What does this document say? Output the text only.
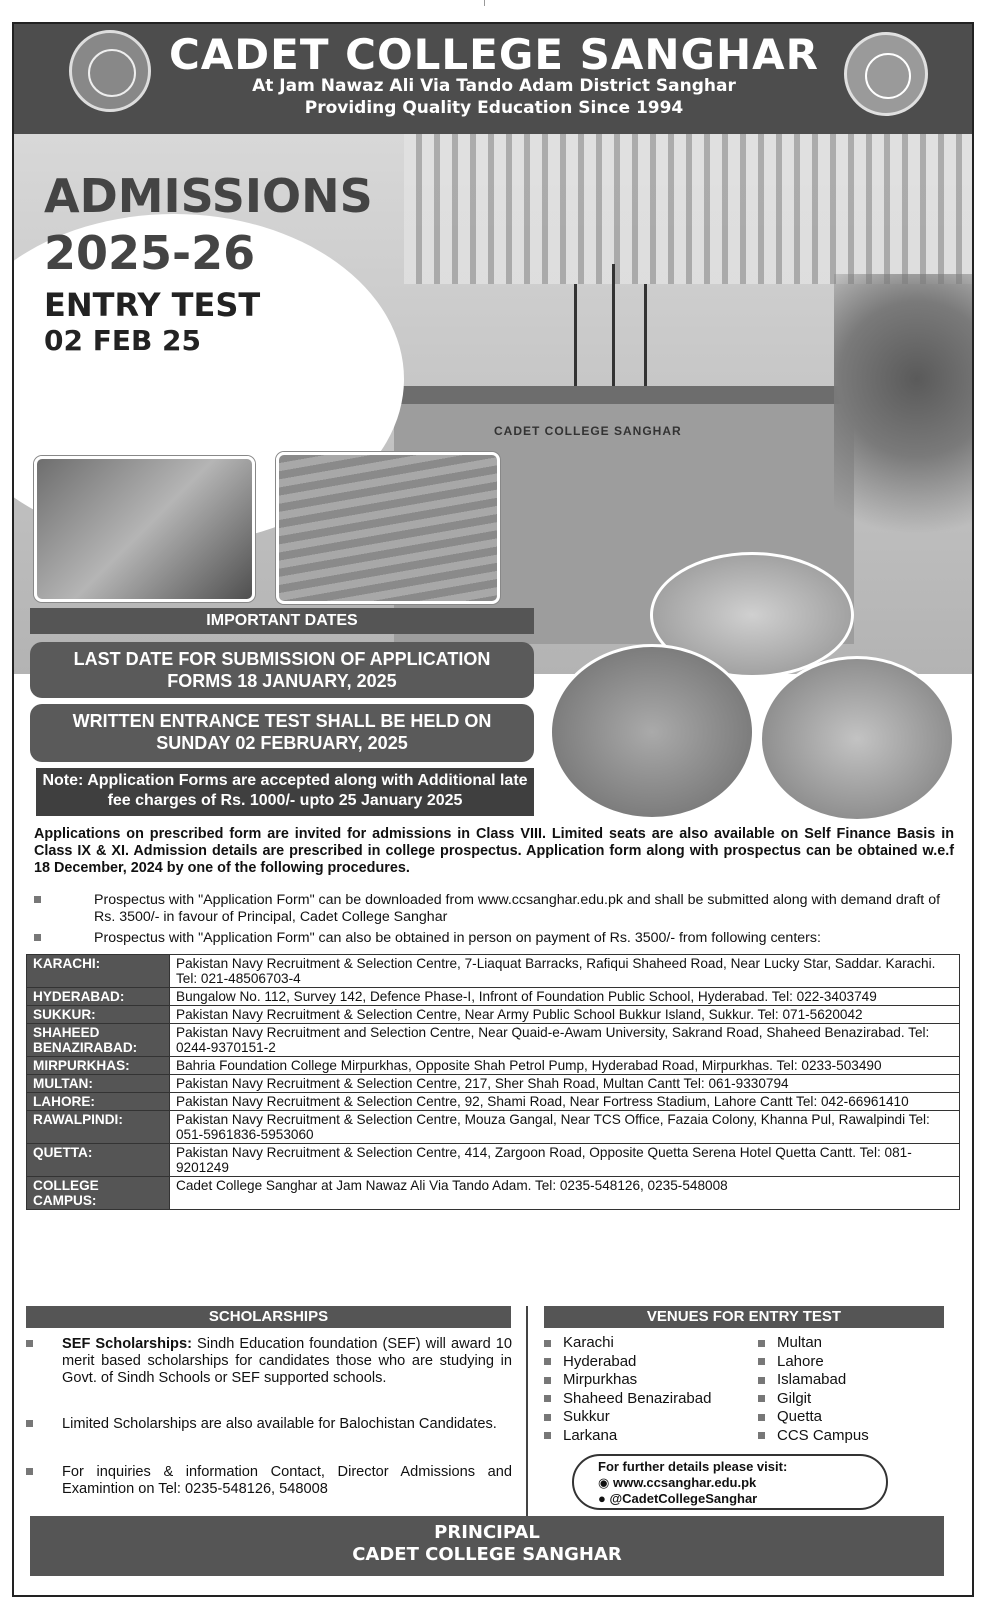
CADET COLLEGE SANGHAR
At Jam Nawaz Ali Via Tando Adam District Sanghar
Providing Quality Education Since 1994
CADET COLLEGE SANGHAR
ADMISSIONS
2025-26
ENTRY TEST
02 FEB 25
IMPORTANT DATES
LAST DATE FOR SUBMISSION OF APPLICATION FORMS 18 JANUARY, 2025
WRITTEN ENTRANCE TEST SHALL BE HELD ON SUNDAY 02 FEBRUARY, 2025
Note: Application Forms are accepted along with Additional late fee charges of Rs. 1000/- upto 25 January 2025
Applications on prescribed form are invited for admissions in Class VIII. Limited seats are also available on Self Finance Basis in Class IX & XI. Admission details are prescribed in college prospectus. Application form along with prospectus can be obtained w.e.f 18 December, 2024 by one of the following procedures.
Prospectus with "Application Form" can be downloaded from www.ccsanghar.edu.pk and shall be submitted along with demand draft of Rs. 3500/- in favour of Principal, Cadet College Sanghar
Prospectus with "Application Form" can also be obtained in person on payment of Rs. 3500/- from following centers:
KARACHI:	Pakistan Navy Recruitment & Selection Centre, 7-Liaquat Barracks, Rafiqui Shaheed Road, Near Lucky Star, Saddar. Karachi. Tel: 021-48506703-4
HYDERABAD:	Bungalow No. 112, Survey 142, Defence Phase-I, Infront of Foundation Public School, Hyderabad. Tel: 022-3403749
SUKKUR:	Pakistan Navy Recruitment & Selection Centre, Near Army Public School Bukkur Island, Sukkur. Tel: 071-5620042
SHAHEED BENAZIRABAD:	Pakistan Navy Recruitment and Selection Centre, Near Quaid-e-Awam University, Sakrand Road, Shaheed Benazirabad. Tel: 0244-9370151-2
MIRPURKHAS:	Bahria Foundation College Mirpurkhas, Opposite Shah Petrol Pump, Hyderabad Road, Mirpurkhas. Tel: 0233-503490
MULTAN:	Pakistan Navy Recruitment & Selection Centre, 217, Sher Shah Road, Multan Cantt Tel: 061-9330794
LAHORE:	Pakistan Navy Recruitment & Selection Centre, 92, Shami Road, Near Fortress Stadium, Lahore Cantt Tel: 042-66961410
RAWALPINDI:	Pakistan Navy Recruitment & Selection Centre, Mouza Gangal, Near TCS Office, Fazaia Colony, Khanna Pul, Rawalpindi Tel: 051-5961836-5953060
QUETTA:	Pakistan Navy Recruitment & Selection Centre, 414, Zargoon Road, Opposite Quetta Serena Hotel Quetta Cantt. Tel: 081-9201249
COLLEGE CAMPUS:	Cadet College Sanghar at Jam Nawaz Ali Via Tando Adam. Tel: 0235-548126, 0235-548008
SCHOLARSHIPS
SEF Scholarships: Sindh Education foundation (SEF) will award 10 merit based scholarships for candidates those who are studying in Govt. of Sindh Schools or SEF supported schools.
Limited Scholarships are also available for Balochistan Candidates.
For inquiries & information Contact, Director Admissions and Examintion on Tel: 0235-548126, 548008
VENUES FOR ENTRY TEST
Karachi
Hyderabad
Mirpurkhas
Shaheed Benazirabad
Sukkur
Larkana
Multan
Lahore
Islamabad
Gilgit
Quetta
CCS Campus
For further details please visit:
◉ www.ccsanghar.edu.pk
● @CadetCollegeSanghar
PRINCIPAL
CADET COLLEGE SANGHAR
